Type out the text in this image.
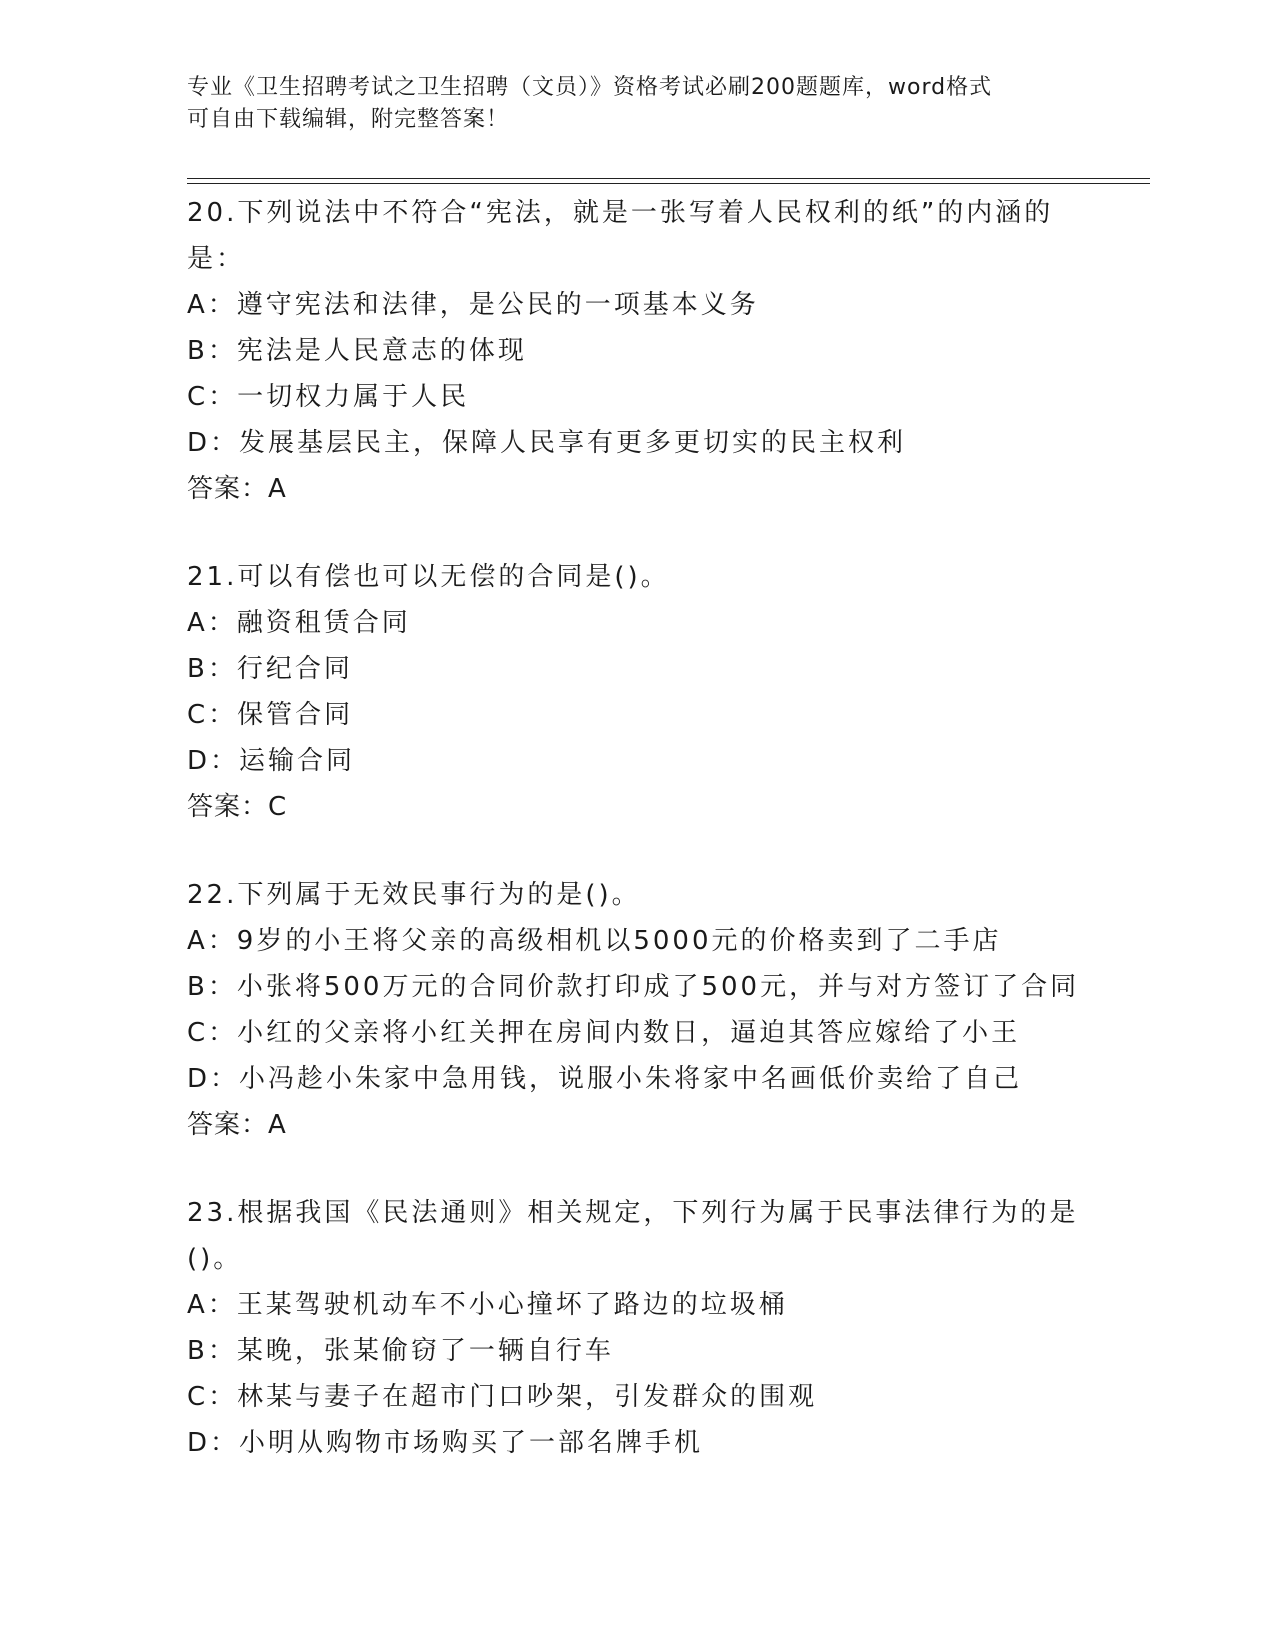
专业《卫生招聘考试之卫生招聘（文员）》资格考试必刷200题题库，word格式
可自由下载编辑，附完整答案！
20.下列说法中不符合“宪法，就是一张写着人民权利的纸”的内涵的
是：
A：遵守宪法和法律，是公民的一项基本义务
B：宪法是人民意志的体现
C：一切权力属于人民
D：发展基层民主，保障人民享有更多更切实的民主权利
答案：A
21.可以有偿也可以无偿的合同是()。
A：融资租赁合同
B：行纪合同
C：保管合同
D：运输合同
答案：C
22.下列属于无效民事行为的是()。
A：9岁的小王将父亲的高级相机以5000元的价格卖到了二手店
B：小张将500万元的合同价款打印成了500元，并与对方签订了合同
C：小红的父亲将小红关押在房间内数日，逼迫其答应嫁给了小王
D：小冯趁小朱家中急用钱，说服小朱将家中名画低价卖给了自己
答案：A
23.根据我国《民法通则》相关规定，下列行为属于民事法律行为的是
()。
A：王某驾驶机动车不小心撞坏了路边的垃圾桶
B：某晚，张某偷窃了一辆自行车
C：林某与妻子在超市门口吵架，引发群众的围观
D：小明从购物市场购买了一部名牌手机
